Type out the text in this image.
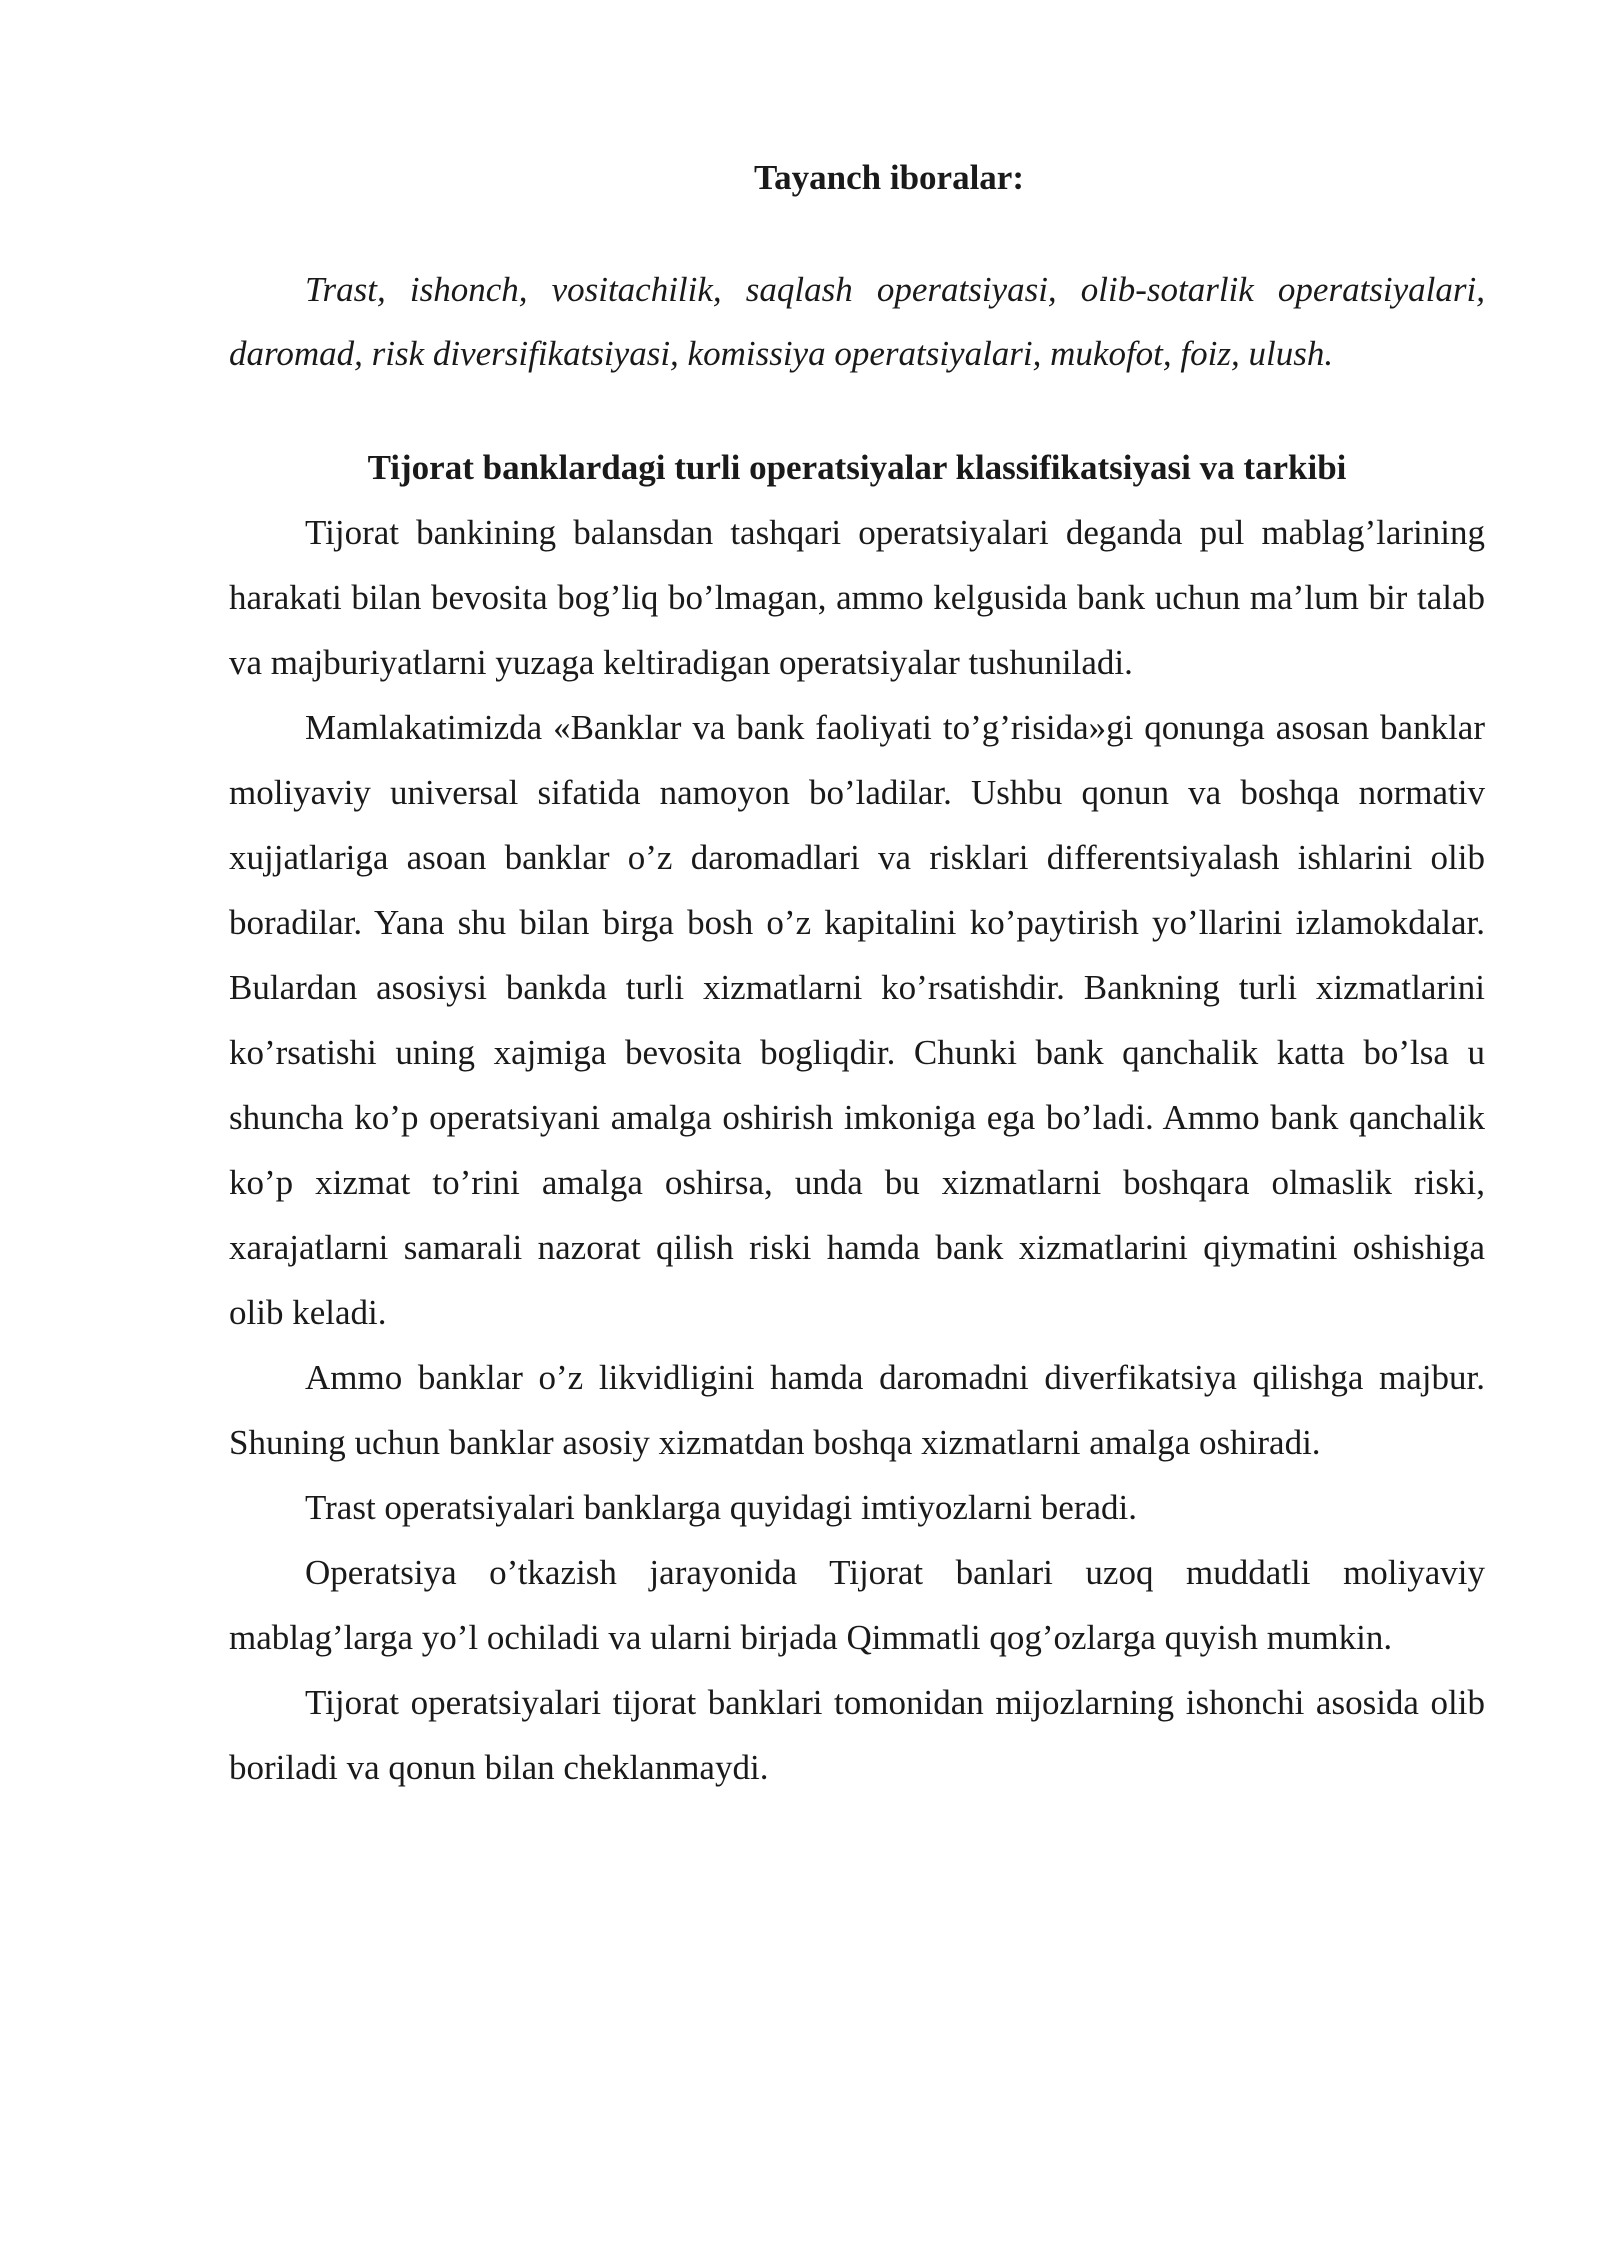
Tayanch iboralar:

Trast, ishonch, vositachilik, saqlash operatsiyasi, olib-sotarlik operatsiyalari, daromad, risk diversifikatsiyasi, komissiya operatsiyalari, mukofot, foiz, ulush.

Tijorat banklardagi turli operatsiyalar klassifikatsiyasi va tarkibi

Tijorat bankining balansdan tashqari operatsiyalari deganda pul mablag’larining harakati bilan bevosita bog’liq bo’lmagan, ammo kelgusida bank uchun ma’lum bir talab va majburiyatlarni yuzaga keltiradigan operatsiyalar tushuniladi.

Mamlakatimizda «Banklar va bank faoliyati to’g’risida»gi qonunga asosan banklar moliyaviy universal sifatida namoyon bo’ladilar. Ushbu qonun va boshqa normativ xujjatlariga asoan banklar o’z daromadlari va risklari differentsiyalash ishlarini olib boradilar. Yana shu bilan birga bosh o’z kapitalini ko’paytirish yo’llarini izlamokdalar. Bulardan asosiysi bankda turli xizmatlarni ko’rsatishdir. Bankning turli xizmatlarini ko’rsatishi uning xajmiga bevosita bogliqdir. Chunki bank qanchalik katta bo’lsa u shuncha ko’p operatsiyani amalga oshirish imkoniga ega bo’ladi. Ammo bank qanchalik ko’p xizmat to’rini amalga oshirsa, unda bu xizmatlarni boshqara olmaslik riski, xarajatlarni samarali nazorat qilish riski hamda bank xizmatlarini qiymatini oshishiga olib keladi.

Ammo banklar o’z likvidligini hamda daromadni diverfikatsiya qilishga majbur. Shuning uchun banklar asosiy xizmatdan boshqa xizmatlarni amalga oshiradi.

Trast operatsiyalari banklarga quyidagi imtiyozlarni beradi.

Operatsiya o’tkazish jarayonida Tijorat banlari uzoq muddatli moliyaviy mablag’larga yo’l ochiladi va ularni birjada Qimmatli qog’ozlarga quyish mumkin.

Tijorat operatsiyalari tijorat banklari tomonidan mijozlarning ishonchi asosida olib boriladi va qonun bilan cheklanmaydi.
